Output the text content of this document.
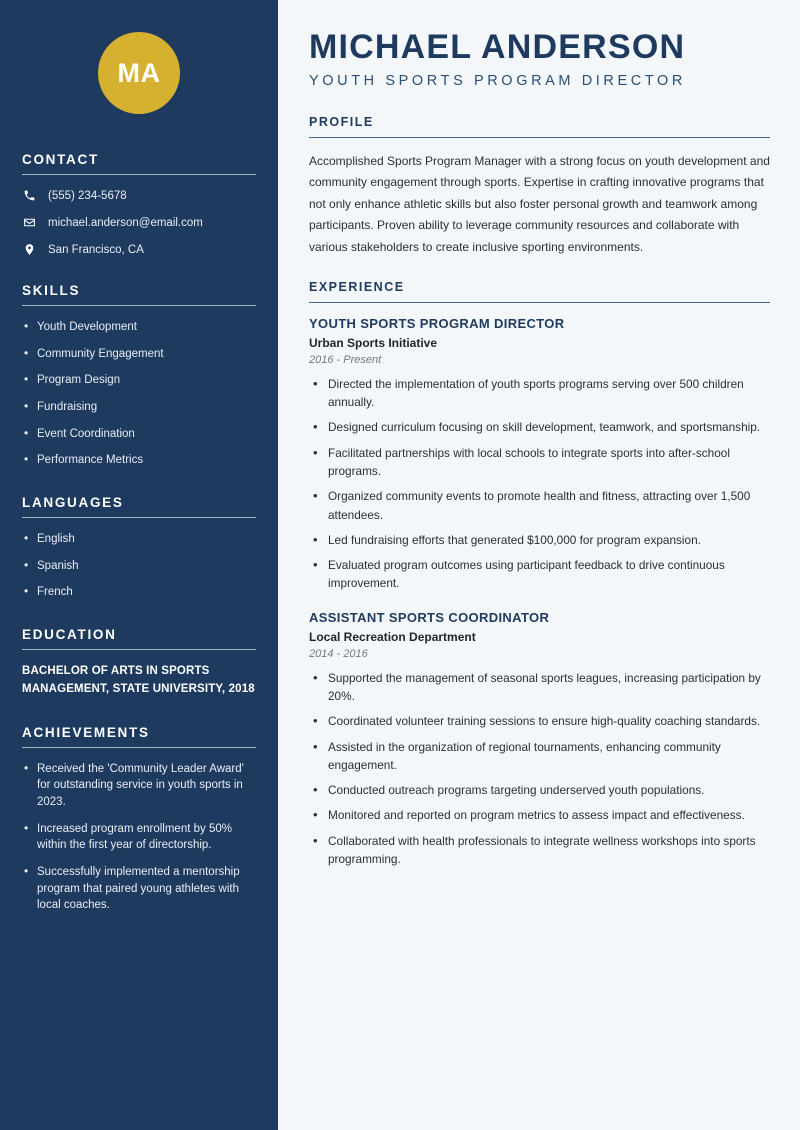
MA
CONTACT
(555) 234-5678
michael.anderson@email.com
San Francisco, CA
SKILLS
• Youth Development
• Community Engagement
• Program Design
• Fundraising
• Event Coordination
• Performance Metrics
LANGUAGES
• English
• Spanish
• French
EDUCATION
BACHELOR OF ARTS IN SPORTS MANAGEMENT, STATE UNIVERSITY, 2018
ACHIEVEMENTS
• Received the 'Community Leader Award' for outstanding service in youth sports in 2023.
• Increased program enrollment by 50% within the first year of directorship.
• Successfully implemented a mentorship program that paired young athletes with local coaches.
MICHAEL ANDERSON
YOUTH SPORTS PROGRAM DIRECTOR
PROFILE

Accomplished Sports Program Manager with a strong focus on youth development and community engagement through sports. Expertise in crafting innovative programs that not only enhance athletic skills but also foster personal growth and teamwork among participants. Proven ability to leverage community resources and collaborate with various stakeholders to create inclusive sporting environments.

EXPERIENCE
YOUTH SPORTS PROGRAM DIRECTOR
Urban Sports Initiative
2016 - Present
• Directed the implementation of youth sports programs serving over 500 children annually.
• Designed curriculum focusing on skill development, teamwork, and sportsmanship.
• Facilitated partnerships with local schools to integrate sports into after-school programs.
• Organized community events to promote health and fitness, attracting over 1,500 attendees.
• Led fundraising efforts that generated $100,000 for program expansion.
• Evaluated program outcomes using participant feedback to drive continuous improvement.
ASSISTANT SPORTS COORDINATOR
Local Recreation Department
2014 - 2016
• Supported the management of seasonal sports leagues, increasing participation by 20%.
• Coordinated volunteer training sessions to ensure high-quality coaching standards.
• Assisted in the organization of regional tournaments, enhancing community engagement.
• Conducted outreach programs targeting underserved youth populations.
• Monitored and reported on program metrics to assess impact and effectiveness.
• Collaborated with health professionals to integrate wellness workshops into sports programming.
